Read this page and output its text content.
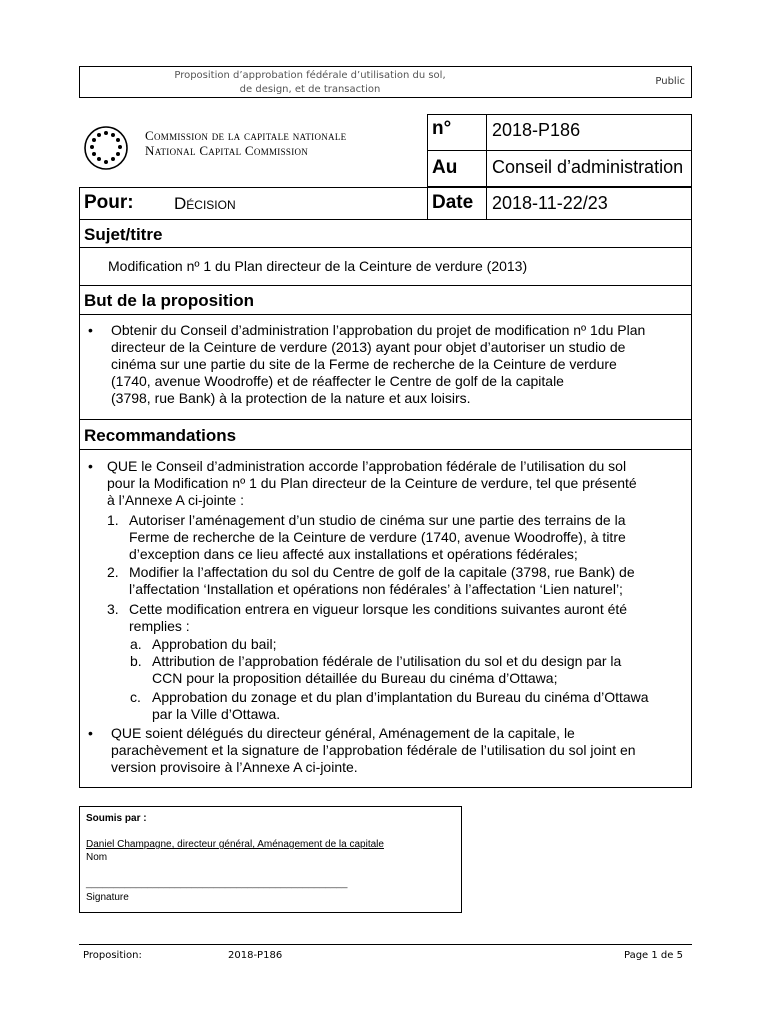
Proposition d’approbation fédérale d’utilisation du sol,
de design, et de transaction
Public
Commission de la capitale nationale
National Capital Commission
n° 2018-P186
Au Conseil d’administration
Pour: Décision	Date 2018-11-22/23
Sujet/titre
Modification nº 1 du Plan directeur de la Ceinture de verdure (2013)
But de la proposition
• Obtenir du Conseil d’administration l’approbation du projet de modification nº 1du Plan
directeur de la Ceinture de verdure (2013) ayant pour objet d’autoriser un studio de
cinéma sur une partie du site de la Ferme de recherche de la Ceinture de verdure
(1740, avenue Woodroffe) et de réaffecter le Centre de golf de la capitale
(3798, rue Bank) à la protection de la nature et aux loisirs.
Recommandations
• QUE le Conseil d’administration accorde l’approbation fédérale de l’utilisation du sol
pour la Modification nº 1 du Plan directeur de la Ceinture de verdure, tel que présenté
à l’Annexe A ci-jointe :
1. Autoriser l’aménagement d’un studio de cinéma sur une partie des terrains de la
Ferme de recherche de la Ceinture de verdure (1740, avenue Woodroffe), à titre
d’exception dans ce lieu affecté aux installations et opérations fédérales;
2. Modifier la l’affectation du sol du Centre de golf de la capitale (3798, rue Bank) de
l’affectation ‘Installation et opérations non fédérales’ à l’affectation ‘Lien naturel’;
3. Cette modification entrera en vigueur lorsque les conditions suivantes auront été
remplies :
a. Approbation du bail;
b. Attribution de l’approbation fédérale de l’utilisation du sol et du design par la
CCN pour la proposition détaillée du Bureau du cinéma d’Ottawa;
c. Approbation du zonage et du plan d’implantation du Bureau du cinéma d’Ottawa
par la Ville d’Ottawa.
• QUE soient délégués du directeur général, Aménagement de la capitale, le
parachèvement et la signature de l’approbation fédérale de l’utilisation du sol joint en
version provisoire à l’Annexe A ci-jointe.
Soumis par :
Daniel Champagne, directeur général, Aménagement de la capitale
Nom
_______________________________________________
Signature
Proposition:	2018-P186	Page 1 de 5
